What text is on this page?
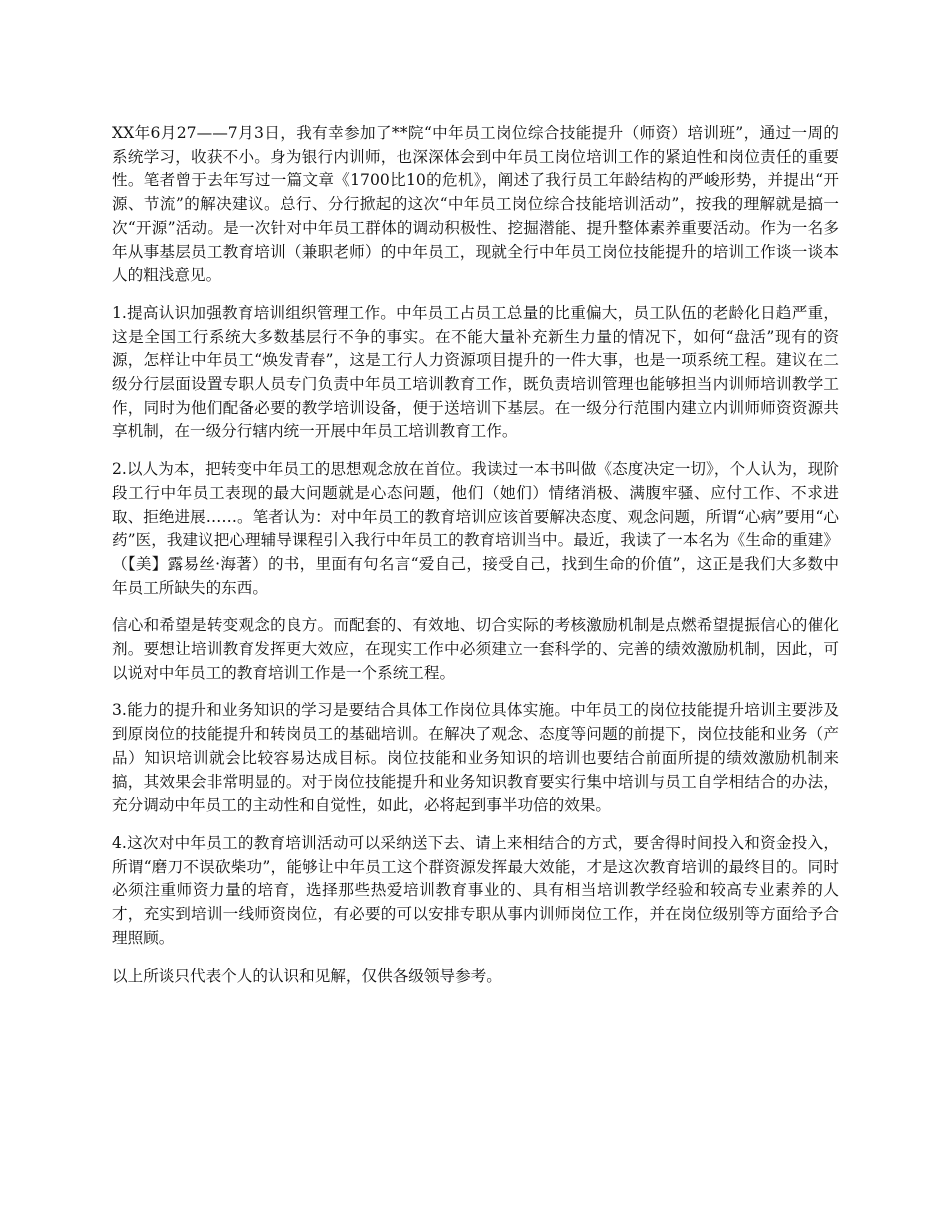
XX年6月27——7月3日，我有幸参加了**院“中年员工岗位综合技能提升（师资）培训班”，通过一周的系统学习，收获不小。身为银行内训师，也深深体会到中年员工岗位培训工作的紧迫性和岗位责任的重要性。笔者曾于去年写过一篇文章《1700比10的危机》，阐述了我行员工年龄结构的严峻形势，并提出“开源、节流”的解决建议。总行、分行掀起的这次“中年员工岗位综合技能培训活动”，按我的理解就是搞一次“开源”活动。是一次针对中年员工群体的调动积极性、挖掘潜能、提升整体素养重要活动。作为一名多年从事基层员工教育培训（兼职老师）的中年员工，现就全行中年员工岗位技能提升的培训工作谈一谈本人的粗浅意见。

1.提高认识加强教育培训组织管理工作。中年员工占员工总量的比重偏大，员工队伍的老龄化日趋严重，这是全国工行系统大多数基层行不争的事实。在不能大量补充新生力量的情况下，如何“盘活”现有的资源，怎样让中年员工“焕发青春”，这是工行人力资源项目提升的一件大事，也是一项系统工程。建议在二级分行层面设置专职人员专门负责中年员工培训教育工作，既负责培训管理也能够担当内训师培训教学工作，同时为他们配备必要的教学培训设备，便于送培训下基层。在一级分行范围内建立内训师师资资源共享机制，在一级分行辖内统一开展中年员工培训教育工作。

2.以人为本，把转变中年员工的思想观念放在首位。我读过一本书叫做《态度决定一切》，个人认为，现阶段工行中年员工表现的最大问题就是心态问题，他们（她们）情绪消极、满腹牢骚、应付工作、不求进取、拒绝进展……。笔者认为：对中年员工的教育培训应该首要解决态度、观念问题，所谓“心病”要用“心药”医，我建议把心理辅导课程引入我行中年员工的教育培训当中。最近，我读了一本名为《生命的重建》（【美】露易丝·海著）的书，里面有句名言“爱自己，接受自己，找到生命的价值”，这正是我们大多数中年员工所缺失的东西。

信心和希望是转变观念的良方。而配套的、有效地、切合实际的考核激励机制是点燃希望提振信心的催化剂。要想让培训教育发挥更大效应，在现实工作中必须建立一套科学的、完善的绩效激励机制，因此，可以说对中年员工的教育培训工作是一个系统工程。

3.能力的提升和业务知识的学习是要结合具体工作岗位具体实施。中年员工的岗位技能提升培训主要涉及到原岗位的技能提升和转岗员工的基础培训。在解决了观念、态度等问题的前提下，岗位技能和业务（产品）知识培训就会比较容易达成目标。岗位技能和业务知识的培训也要结合前面所提的绩效激励机制来搞，其效果会非常明显的。对于岗位技能提升和业务知识教育要实行集中培训与员工自学相结合的办法，充分调动中年员工的主动性和自觉性，如此，必将起到事半功倍的效果。

4.这次对中年员工的教育培训活动可以采纳送下去、请上来相结合的方式，要舍得时间投入和资金投入，所谓“磨刀不误砍柴功”，能够让中年员工这个群资源发挥最大效能，才是这次教育培训的最终目的。同时必须注重师资力量的培育，选择那些热爱培训教育事业的、具有相当培训教学经验和较高专业素养的人才，充实到培训一线师资岗位，有必要的可以安排专职从事内训师岗位工作，并在岗位级别等方面给予合理照顾。

以上所谈只代表个人的认识和见解，仅供各级领导参考。
